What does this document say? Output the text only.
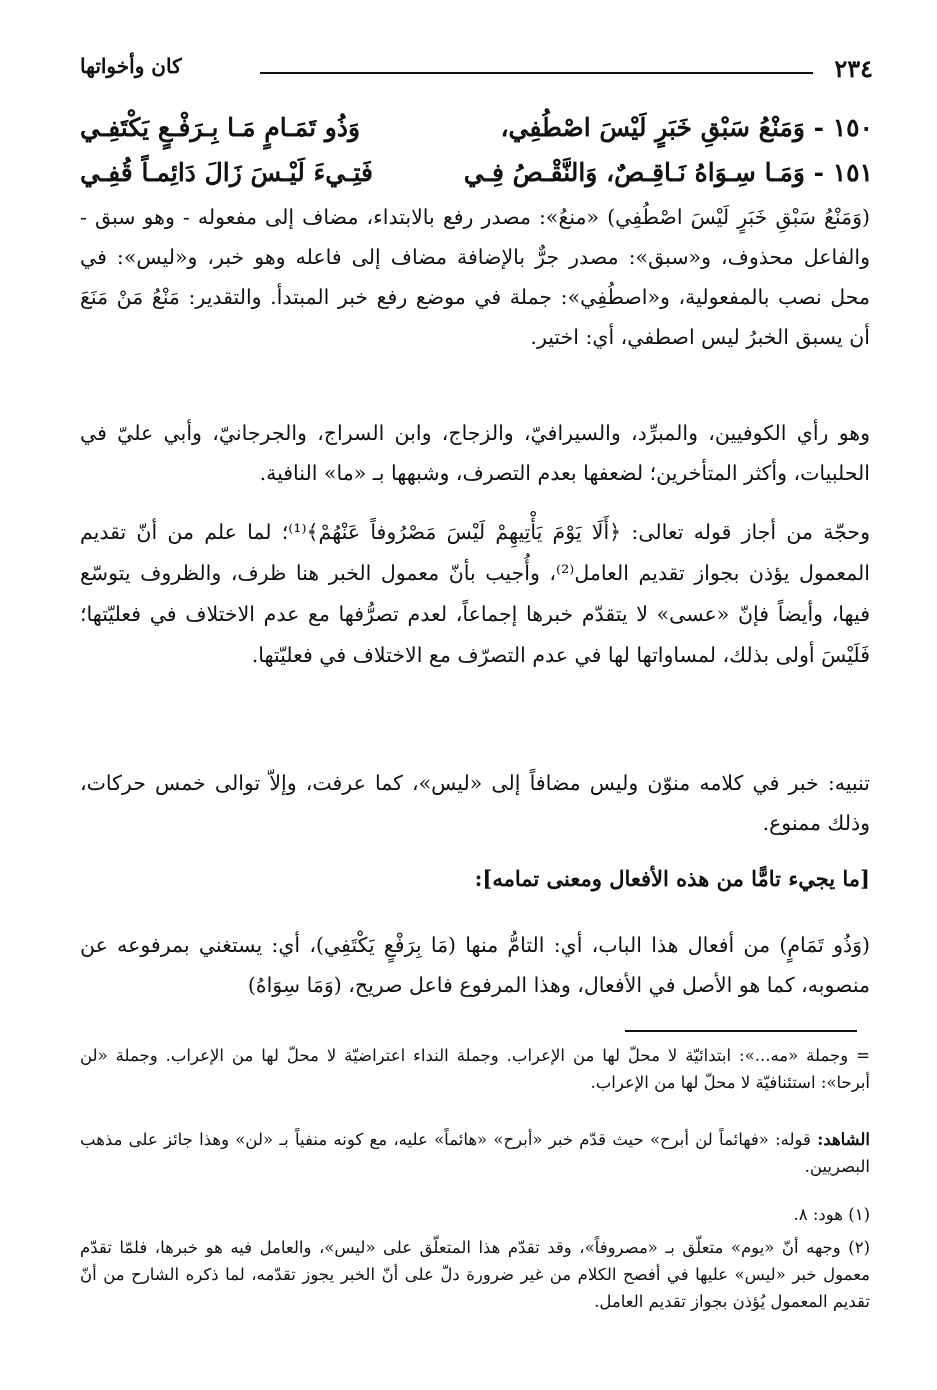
٢٣٤
كان وأخواتها
١٥٠ -
وَمَنْعُ سَبْقِ خَبَرٍ لَيْسَ اصْطُفِي،
وَذُو تَمَـامٍ مَـا بِـرَفْـعٍ يَكْتَفِـي
١٥١ -
وَمَـا سِـوَاهُ نَـاقِـصٌ، وَالنَّقْـصُ فِـي
فَتِـيءَ لَيْـسَ زَالَ دَائِمـاً قُفِـي

(وَمَنْعُ سَبْقِ خَبَرٍ لَيْسَ اصْطُفِي) «منعُ»: مصدر رفع بالابتداء، مضاف إلى مفعوله - وهو سبق - والفاعل محذوف، و«سبق»: مصدر جرٌّ بالإضافة مضاف إلى فاعله وهو خبر، و«ليس»: في محل نصب بالمفعولية، و«اصطُفِي»: جملة في موضع رفع خبر المبتدأ. والتقدير: مَنْعُ مَنْ مَنَعَ أن يسبق الخبرُ ليس اصطفي، أي: اختير.

وهو رأي الكوفيين، والمبرِّد، والسيرافيّ، والزجاج، وابن السراج، والجرجانيّ، وأبي عليّ في الحلبيات، وأكثر المتأخرين؛ لضعفها بعدم التصرف، وشبهها بـ «ما» النافية.

وحجّة من أجاز قوله تعالى: ﴿أَلَا يَوْمَ يَأْتِيهِمْ لَيْسَ مَصْرُوفاً عَنْهُمْ﴾⁽¹⁾؛ لما علم من أنّ تقديم المعمول يؤذن بجواز تقديم العامل⁽²⁾، وأُجيب بأنّ معمول الخبر هنا ظرف، والظروف يتوسّع فيها، وأيضاً فإنّ «عسى» لا يتقدّم خبرها إجماعاً، لعدم تصرُّفها مع عدم الاختلاف في فعليّتها؛ فَلَيْسَ أولى بذلك، لمساواتها لها في عدم التصرّف مع الاختلاف في فعليّتها.

تنبيه: خبر في كلامه منوّن وليس مضافاً إلى «ليس»، كما عرفت، وإلاّ توالى خمس حركات، وذلك ممنوع.

[ما يجيء تامًّا من هذه الأفعال ومعنى تمامه]:

(وَذُو تَمَامٍ) من أفعال هذا الباب، أي: التامُّ منها (مَا بِرَفْعٍ يَكْتَفِي)، أي: يستغني بمرفوعه عن منصوبه، كما هو الأصل في الأفعال، وهذا المرفوع فاعل صريح، (وَمَا سِوَاهُ)

= وجملة «مه...»: ابتدائيّة لا محلّ لها من الإعراب. وجملة النداء اعتراضيّة لا محلّ لها من الإعراب. وجملة «لن أبرحا»: استئنافيّة لا محلّ لها من الإعراب.

الشاهد: قوله: «فهائماً لن أبرح» حيث قدّم خبر «أبرح» «هائماً» عليه، مع كونه منفياً بـ «لن» وهذا جائز على مذهب البصريين.

(١) هود: ٨.

(٢) وجهه أنّ «يوم» متعلّق بـ «مصروفاً»، وقد تقدّم هذا المتعلّق على «ليس»، والعامل فيه هو خبرها، فلمّا تقدّم معمول خبر «ليس» عليها في أفصح الكلام من غير ضرورة دلّ على أنّ الخبر يجوز تقدّمه، لما ذكره الشارح من أنّ تقديم المعمول يُؤذن بجواز تقديم العامل.
